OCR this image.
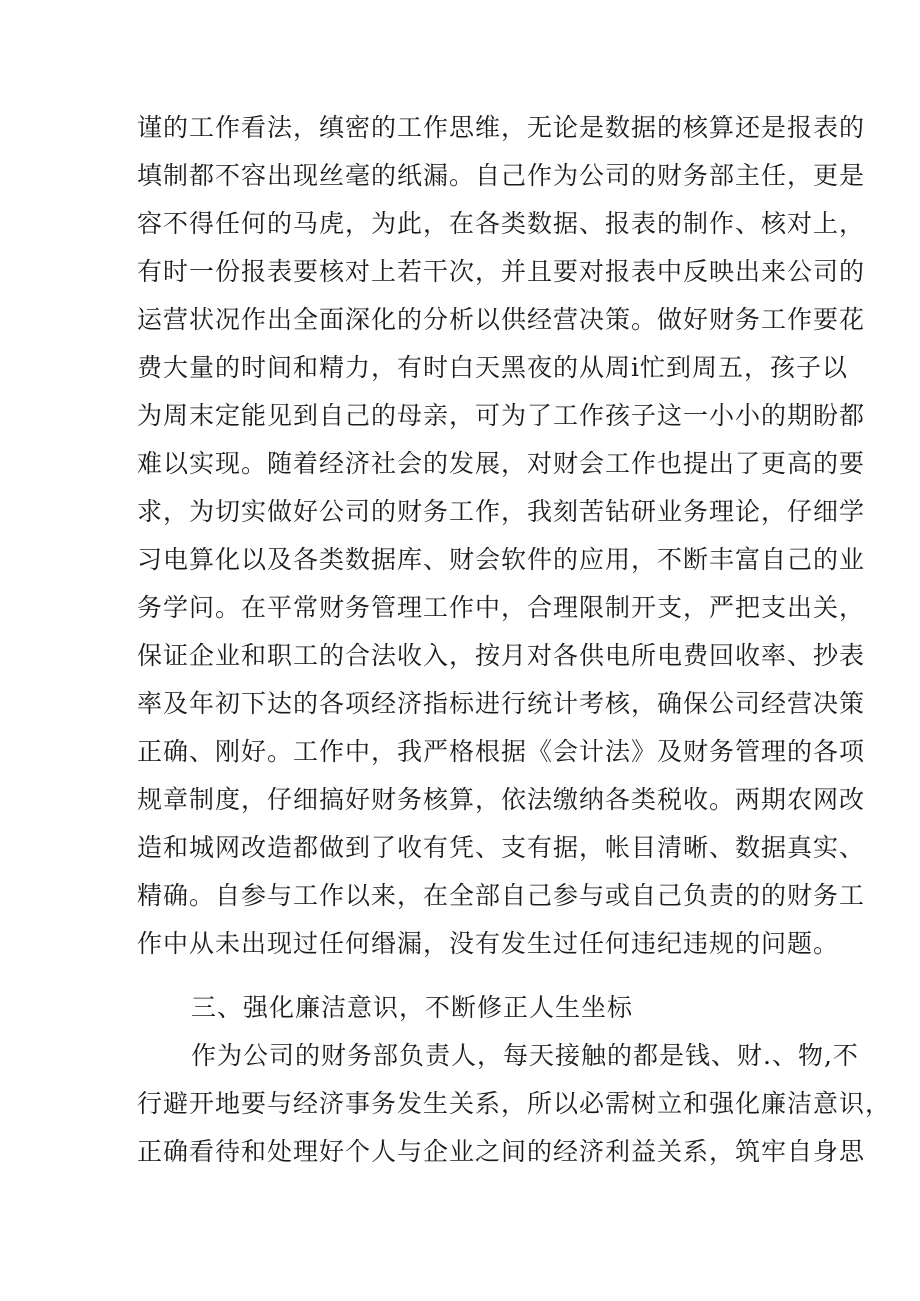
谨的工作看法，缜密的工作思维，无论是数据的核算还是报表的
填制都不容出现丝毫的纸漏。自己作为公司的财务部主任，更是
容不得任何的马虎，为此，在各类数据、报表的制作、核对上，
有时一份报表要核对上若干次，并且要对报表中反映出来公司的
运营状况作出全面深化的分析以供经营决策。做好财务工作要花
费大量的时间和精力，有时白天黑夜的从周i忙到周五，孩子以
为周末定能见到自己的母亲，可为了工作孩子这一小小的期盼都
难以实现。随着经济社会的发展，对财会工作也提出了更高的要
求，为切实做好公司的财务工作，我刻苦钻研业务理论，仔细学
习电算化以及各类数据库、财会软件的应用，不断丰富自己的业
务学问。在平常财务管理工作中，合理限制开支，严把支出关，
保证企业和职工的合法收入，按月对各供电所电费回收率、抄表
率及年初下达的各项经济指标进行统计考核，确保公司经营决策
正确、刚好。工作中，我严格根据《会计法》及财务管理的各项
规章制度，仔细搞好财务核算，依法缴纳各类税收。两期农网改
造和城网改造都做到了收有凭、支有据，帐目清晰、数据真实、
精确。自参与工作以来，在全部自己参与或自己负责的的财务工
作中从未出现过任何缗漏，没有发生过任何违纪违规的问题。
三、强化廉洁意识，不断修正人生坐标
作为公司的财务部负责人，每天接触的都是钱、财.、物,不
行避开地要与经济事务发生关系，所以必需树立和强化廉洁意识，
正确看待和处理好个人与企业之间的经济利益关系，筑牢自身思
